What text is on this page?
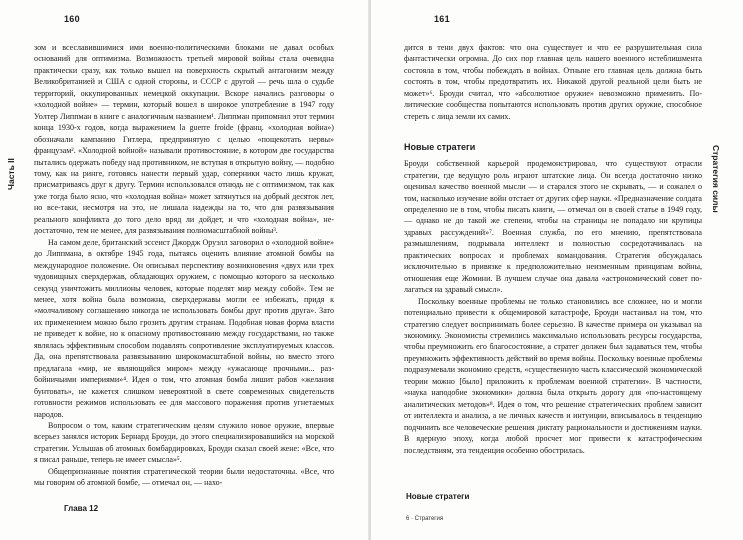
160
Часть II

зом и всеславившимися ими военно-политическими блоками не давал особых оснований для оптимизма. Возможность третьей мировой войны стала очевидна практически сразу, как только вышел на поверхность скрытый антагонизм между Великобританией и США с одной стороны, и СССР с другой — речь шла о судьбе территорий, оккупированных немецкой оккупации. Вскоре начались разговоры о «холодной войне» — термин, который вошел в широкое употребление в 1947 году Уолтер Липпман в книге с аналогичным названием¹. Липпман припомнил этот термин конца 1930-х годов, когда выражением la guerre froide (франц. «холодная война») обозначали кампанию Гитлера, предпринятую с целью «пощекотать нервы» французам². «Холодной войной» называли противостояние, в котором две государства пытались одержать победу над противником, не вступая в открытую войну, — подобно тому, как на ринге, готовясь нанести первый удар, соперники часто лишь кружат, присматриваясь друг к другу. Термин использовался отнюдь не с оптимизмом, так как уже тогда было ясно, что «холодная война» может затянуться на добрый десяток лет, но все-таки, несмотря на это, не лишала надежды на то, что для развязывания реального конфликта до того дело вряд ли дойдет, и что «холодная война», недостаточно, тем не менее, для развязывания полномасштабной войны³.

На самом деле, британский эссеист Джордж Оруэлл заговорил о «холодной войне» до Липпмана, в октябре 1945 года, пытаясь оценить влияние атомной бомбы на международное положение. Он описывал перспективу возникновения «двух или трех чудовищных сверхдержав, обладающих оружием, с помощью которого за несколько секунд уничтожить миллионы человек, которые поделят мир между собой». Тем не менее, хотя война была возможна, сверхдержавы могли ее избежать, придя к «молчаливому соглашению никогда не использовать бомбы друг против друга». Зато их применением можно было грозить другим странам. Подобная новая форма власти не приведет к войне, но к опасному противостоянию между государствами, но также являлась эффективным способом подавлять сопротивление эксплуатируемых классов. Да, она препятствовала развязыванию широкомасштабной войны, но вместо этого предлагала «мир, не являющийся миром» между «ужасающе прочными... разбойничьими империями»⁴. Идея о том, что атомная бомба лишит рабов «желания бунтовать», не кажется слишком невероятной в свете современных свидетельств готовности режимов использовать ее для массового поражения против угнетаемых народов.

Вопросом о том, каким стратегическим целям служило новое оружие, впервые всерьез занялся историк Бернард Броуди, до этого специализировавшийся на морской стратегии. Услышав об атомных бомбардировках, Броуди сказал своей жене: «Все, что я писал раньше, теперь не имеет смысла»⁵.

Общепризнанные понятия стратегической теории были недостаточны. «Все, что мы говорим об атомной бомбе, — отмечал он, — нахо-

Глава 12
161
Стратегия силы

дится в тени двух фактов: что она существует и что ее разрушительная сила фантастически огромна. До сих пор главная цель нашего военного истеблишмента состояла в том, чтобы побеждать в войнах. Отныне его главная цель должна быть состоять в том, чтобы предотвратить их. Никакой другой реальной цели быть не может»⁶. Броуди считал, что «абсолютное оружие» невозможно применить. Политические сообщества попытаются использовать против других оружие, способное стереть с лица земли их самих.

Новые стратеги

Броуди собственной карьерой продемонстрировал, что существуют отрасли стратегии, где ведущую роль играют штатские лица. Он всегда достаточно низко оценивал качество военной мысли — и старался этого не скрывать, — и сожалел о том, насколько изучение войн отстает от других сфер науки. «Предназначение солдата определенно не в том, чтобы писать книги, — отмечал он в своей статье в 1949 году, — однако не до такой же степени, чтобы на страницы не попадало ни крупицы здравых рассуждений»⁷. Военная служба, по его мнению, препятствовала размышлениям, подрывала интеллект и полностью сосредотачивалась на практических вопросах и проблемах командования. Стратегия обсуждалась исключительно в привязке к предположительно неизменным принципам войны, отношения еще Жомини. В лучшем случае она давала «астрономический совет полагаться на здравый смысл».

Поскольку военные проблемы не только становились все сложнее, но и могли потенциально привести к общемировой катастрофе, Броуди настаивал на том, что стратегию следует воспринимать более серьезно. В качестве примера он указывал на экономику. Экономисты стремились максимально использовать ресурсы государства, чтобы преумножить его благосостояние, а стратег должен был задаваться тем, чтобы преумножить эффективность действий во время войны. Поскольку военные проблемы подразумевали экономию средств, «существенную часть классической экономической теории можно [было] приложить к проблемам военной стратегии». В частности, «наука наподобие экономики» должна была открыть дорогу для «по-настоящему аналитических методов»⁸. Идея о том, что решение стратегических проблем зависит от интеллекта и анализа, а не личных качеств и интуиции, вписывалось в тенденцию подчинить все человеческие решения диктату рациональности и достижениям науки. В ядерную эпоху, когда любой просчет мог привести к катастрофическим последствиям, эта тенденция особенно обострилась.

Новые стратеги
6 · Стратегия
